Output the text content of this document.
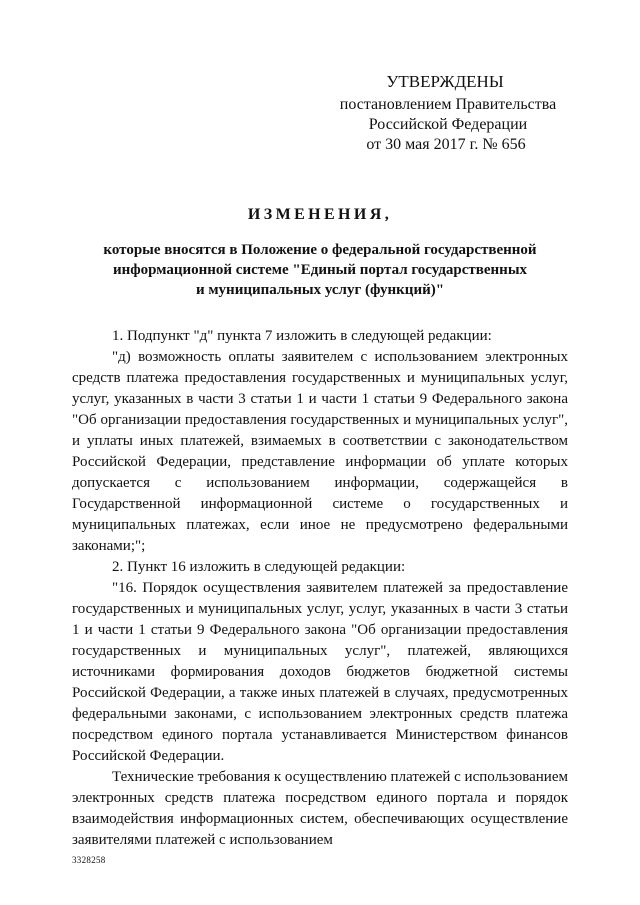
УТВЕРЖДЕНЫ
постановлением Правительства
Российской Федерации
от 30 мая 2017 г. № 656
ИЗМЕНЕНИЯ,
которые вносятся в Положение о федеральной государственной
информационной системе "Единый портал государственных
и муниципальных услуг (функций)"

1. Подпункт "д" пункта 7 изложить в следующей редакции:

"д) возможность оплаты заявителем с использованием электронных средств платежа предоставления государственных и муниципальных услуг, услуг, указанных в части 3 статьи 1 и части 1 статьи 9 Федерального закона "Об организации предоставления государственных и муниципальных услуг", и уплаты иных платежей, взимаемых в соответствии с законодательством Российской Федерации, представление информации об уплате которых допускается с использованием информации, содержащейся в Государственной информационной системе о государственных и муниципальных платежах, если иное не предусмотрено федеральными законами;";

2. Пункт 16 изложить в следующей редакции:

"16. Порядок осуществления заявителем платежей за предоставление государственных и муниципальных услуг, услуг, указанных в части 3 статьи 1 и части 1 статьи 9 Федерального закона "Об организации предоставления государственных и муниципальных услуг", платежей, являющихся источниками формирования доходов бюджетов бюджетной системы Российской Федерации, а также иных платежей в случаях, предусмотренных федеральными законами, с использованием электронных средств платежа посредством единого портала устанавливается Министерством финансов Российской Федерации.

Технические требования к осуществлению платежей с использованием электронных средств платежа посредством единого портала и порядок взаимодействия информационных систем, обеспечивающих осуществление заявителями платежей с использованием

3328258
